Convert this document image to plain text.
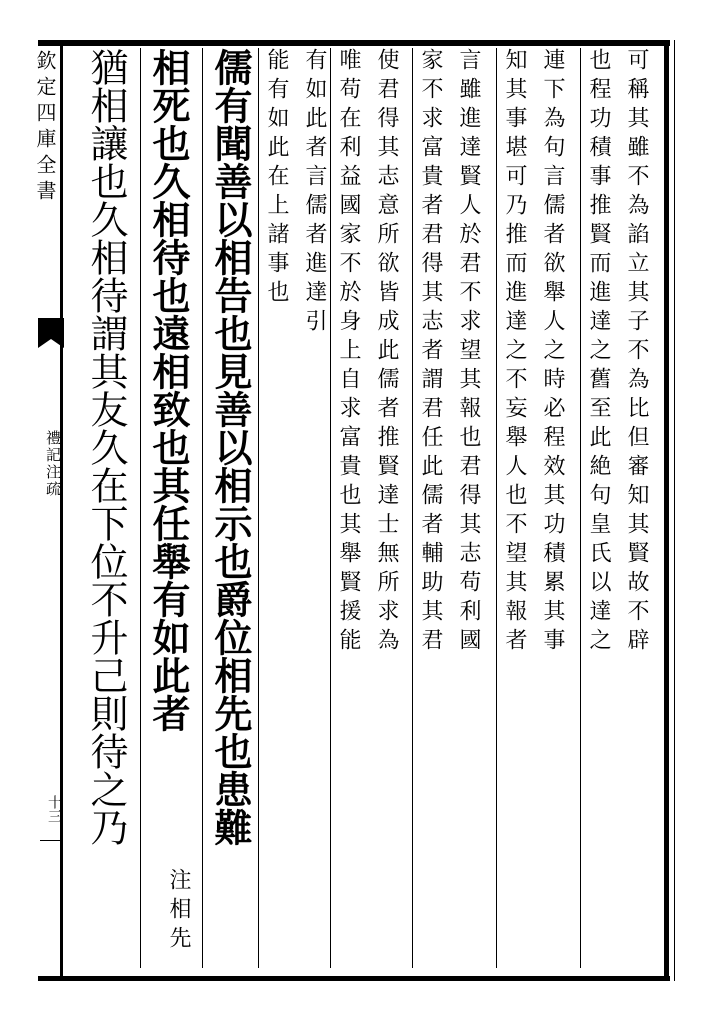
欽定四庫全書
禮記注疏
十三
可稱其雖不為諂立其子不為比但審知其賢故不辟
也程功積事推賢而進達之舊至此絶句皇氏以達之
連下為句言儒者欲舉人之時必程效其功積累其事
知其事堪可乃推而進達之不妄舉人也不望其報者
言雖進達賢人於君不求望其報也君得其志苟利國
家不求富貴者君得其志者謂君任此儒者輔助其君
使君得其志意所欲皆成此儒者推賢達士無所求為
唯苟在利益國家不於身上自求富貴也其舉賢援能
有如此者言儒者進達引
能有如此在上諸事也
儒有聞善以相告也見善以相示也爵位相先也患難
相死也久相待也遠相致也其任舉有如此者
注相先
猶相讓也久相待謂其友久在下位不升己則待之乃
